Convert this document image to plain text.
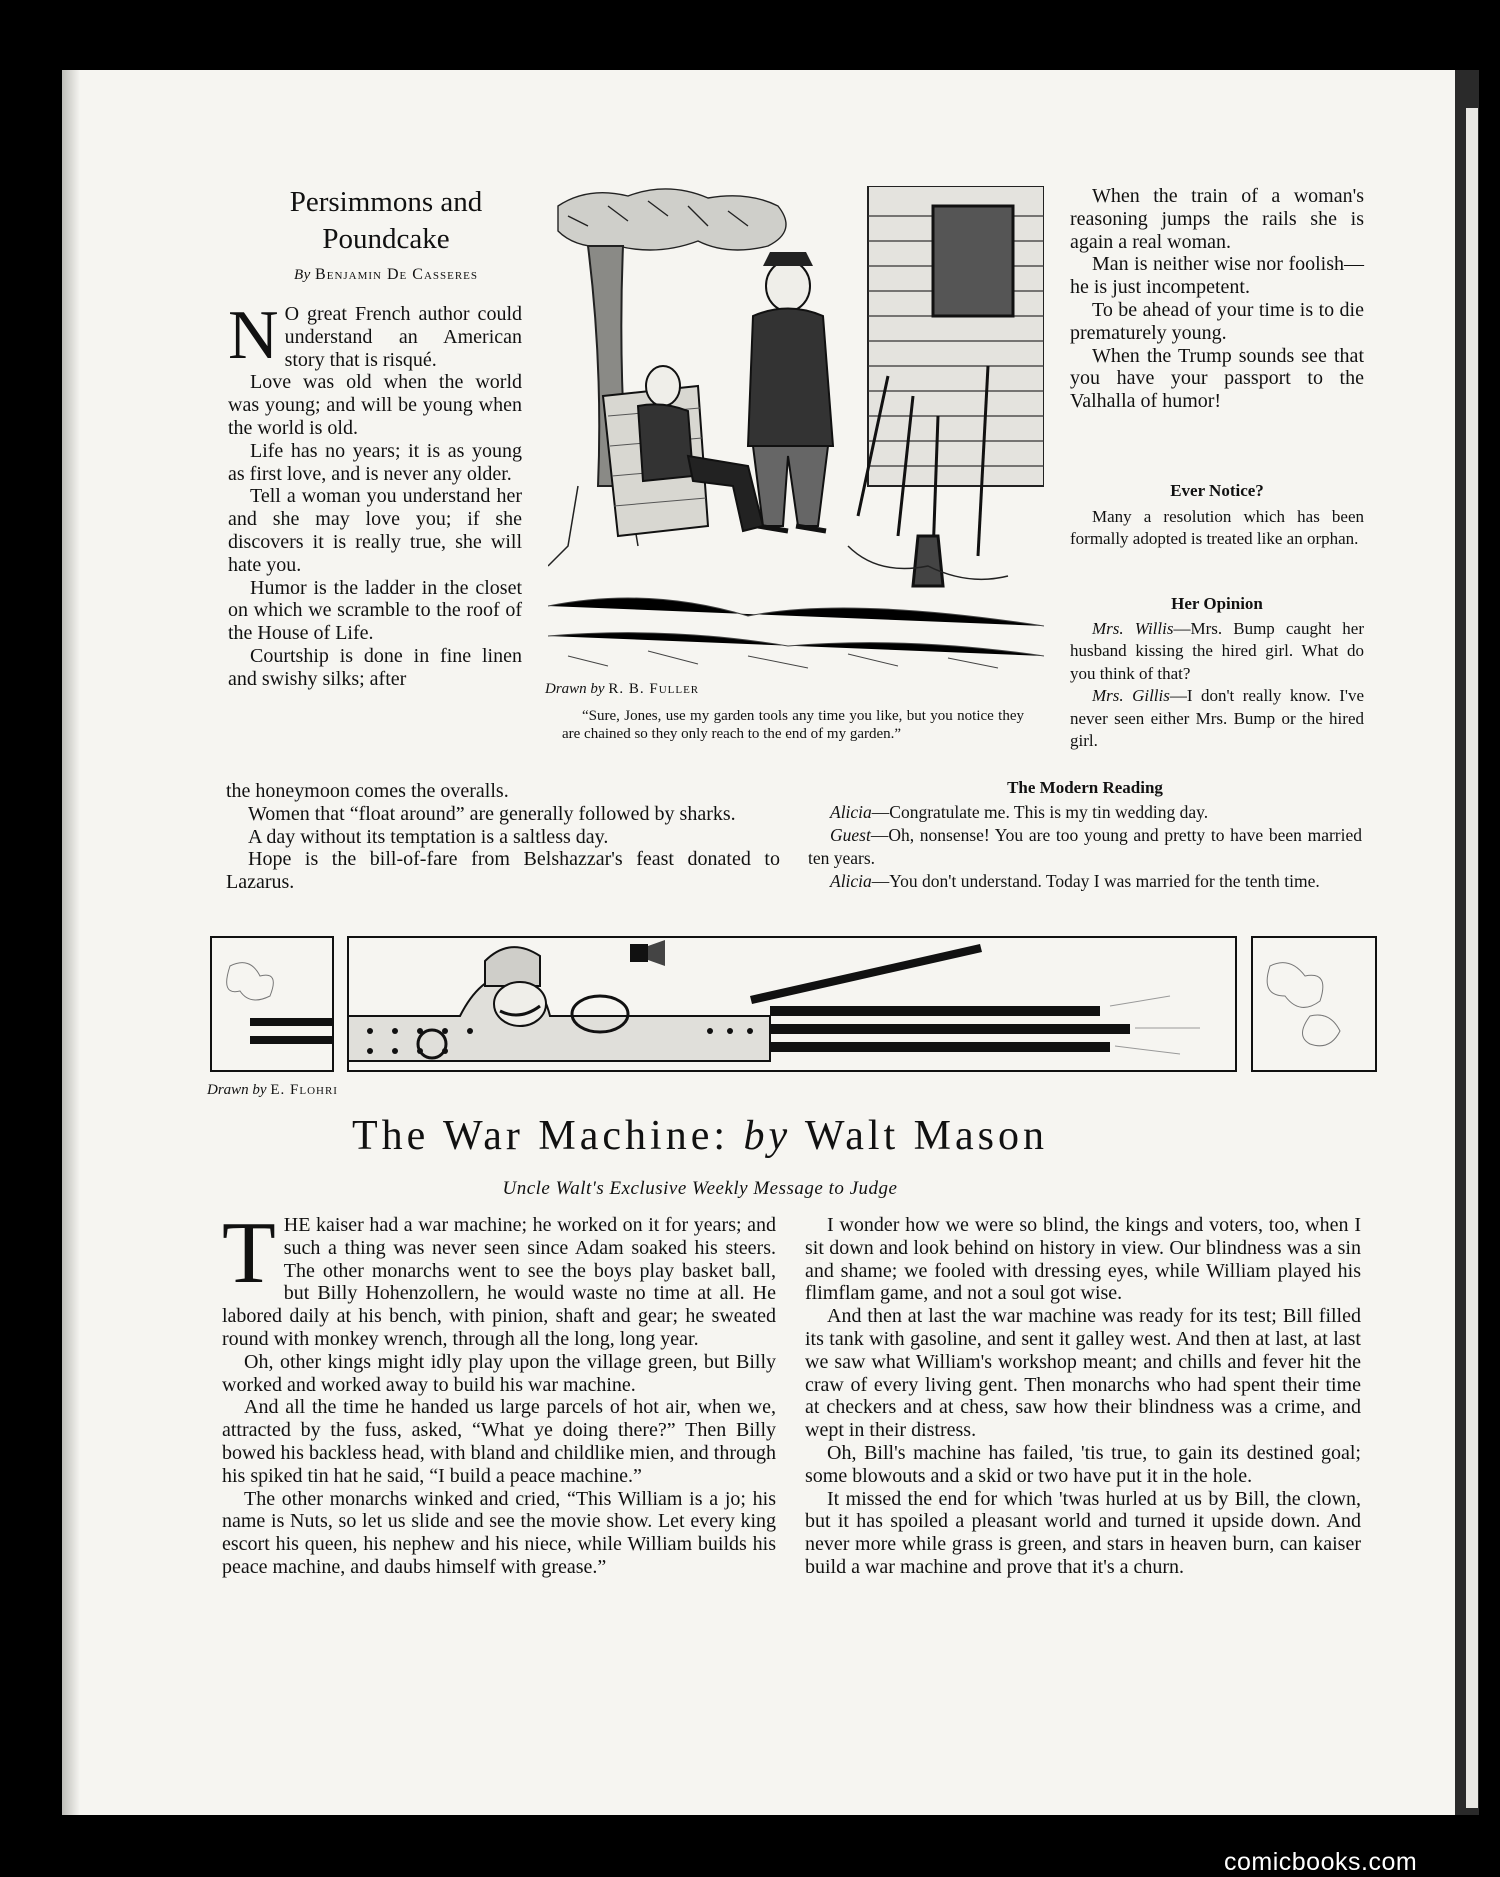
Persimmons and
Poundcake
By Benjamin De Casseres

N O great French author could understand an American story that is risqué.

Love was old when the world was young; and will be young when the world is old.

Life has no years; it is as young as first love, and is never any older.

Tell a woman you understand her and she may love you; if she discovers it is really true, she will hate you.

Humor is the ladder in the closet on which we scramble to the roof of the House of Life.

Courtship is done in fine linen and swishy silks; after

the honeymoon comes the overalls.

Women that “float around” are generally followed by sharks.

A day without its temptation is a saltless day.

Hope is the bill-of-fare from Belshazzar's feast donated to Lazarus.

Drawn by R. B. Fuller
“Sure, Jones, use my garden tools any time you like, but you notice they are chained so they only reach to the end of my garden.”

When the train of a woman's reasoning jumps the rails she is again a real woman.

Man is neither wise nor foolish—he is just incompetent.

To be ahead of your time is to die prematurely young.

When the Trump sounds see that you have your passport to the Valhalla of humor!

Ever Notice?

Many a resolution which has been formally adopted is treated like an orphan.

Her Opinion

Mrs. Willis—Mrs. Bump caught her husband kissing the hired girl. What do you think of that?

Mrs. Gillis—I don't really know. I've never seen either Mrs. Bump or the hired girl.

The Modern Reading

Alicia—Congratulate me. This is my tin wedding day.

Guest—Oh, nonsense! You are too young and pretty to have been married ten years.

Alicia—You don't understand. Today I was married for the tenth time.

Drawn by E. Flohri
The War Machine: by Walt Mason
Uncle Walt's Exclusive Weekly Message to Judge

THE kaiser had a war machine; he worked on it for years; and such a thing was never seen since Adam soaked his steers. The other monarchs went to see the boys play basket ball, but Billy Hohenzollern, he would waste no time at all. He labored daily at his bench, with pinion, shaft and gear; he sweated round with monkey wrench, through all the long, long year.

Oh, other kings might idly play upon the village green, but Billy worked and worked away to build his war machine.

And all the time he handed us large parcels of hot air, when we, attracted by the fuss, asked, “What ye doing there?” Then Billy bowed his backless head, with bland and childlike mien, and through his spiked tin hat he said, “I build a peace machine.”

The other monarchs winked and cried, “This William is a jo; his name is Nuts, so let us slide and see the movie show. Let every king escort his queen, his nephew and his niece, while William builds his peace machine, and daubs himself with grease.”

I wonder how we were so blind, the kings and voters, too, when I sit down and look behind on history in view. Our blindness was a sin and shame; we fooled with dressing eyes, while William played his flimflam game, and not a soul got wise.

And then at last the war machine was ready for its test; Bill filled its tank with gasoline, and sent it galley west. And then at last, at last we saw what William's workshop meant; and chills and fever hit the craw of every living gent. Then monarchs who had spent their time at checkers and at chess, saw how their blindness was a crime, and wept in their distress.

Oh, Bill's machine has failed, 'tis true, to gain its destined goal; some blowouts and a skid or two have put it in the hole.

It missed the end for which 'twas hurled at us by Bill, the clown, but it has spoiled a pleasant world and turned it upside down. And never more while grass is green, and stars in heaven burn, can kaiser build a war machine and prove that it's a churn.

comicbooks.com
